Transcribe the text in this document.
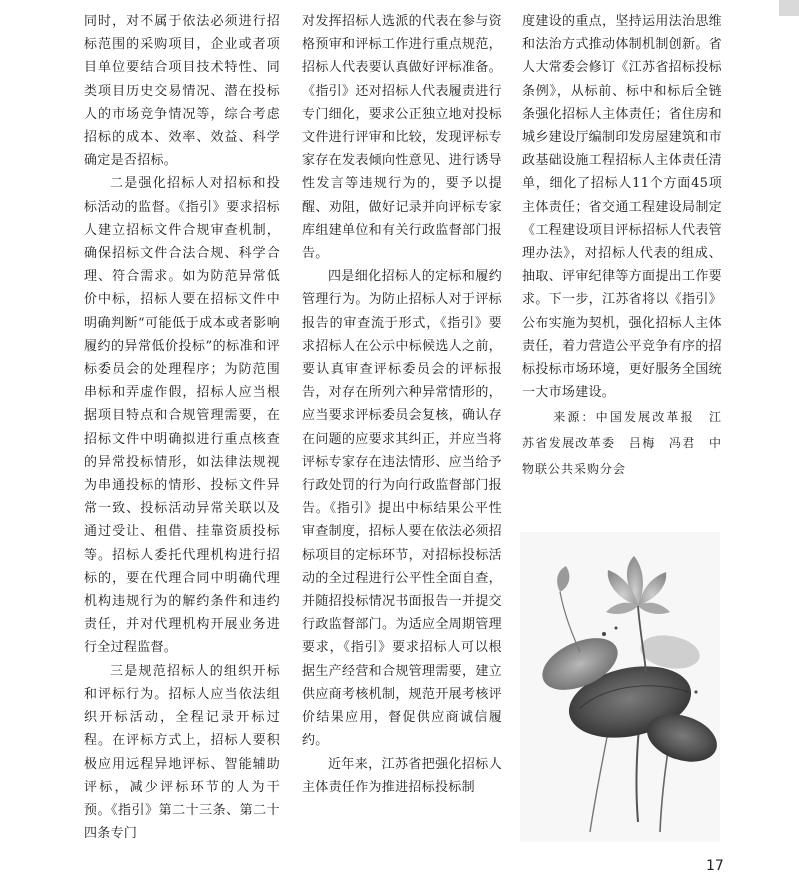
同时，对不属于依法必须进行招标范围的采购项目，企业或者项目单位要结合项目技术特性、同类项目历史交易情况、潜在投标人的市场竞争情况等，综合考虑招标的成本、效率、效益、科学确定是否招标。

二是强化招标人对招标和投标活动的监督。《指引》要求招标人建立招标文件合规审查机制，确保招标文件合法合规、科学合理、符合需求。如为防范异常低价中标，招标人要在招标文件中明确判断“可能低于成本或者影响履约的异常低价投标”的标准和评标委员会的处理程序；为防范围串标和弄虚作假，招标人应当根据项目特点和合规管理需要，在招标文件中明确拟进行重点核查的异常投标情形，如法律法规视为串通投标的情形、投标文件异常一致、投标活动异常关联以及通过受让、租借、挂靠资质投标等。招标人委托代理机构进行招标的，要在代理合同中明确代理机构违规行为的解约条件和违约责任，并对代理机构开展业务进行全过程监督。

三是规范招标人的组织开标和评标行为。招标人应当依法组织开标活动，全程记录开标过程。在评标方式上，招标人要积极应用远程异地评标、智能辅助评标，减少评标环节的人为干预。《指引》第二十三条、第二十四条专门

对发挥招标人选派的代表在参与资格预审和评标工作进行重点规范，招标人代表要认真做好评标准备。《指引》还对招标人代表履责进行专门细化，要求公正独立地对投标文件进行评审和比较，发现评标专家存在发表倾向性意见、进行诱导性发言等违规行为的，要予以提醒、劝阻，做好记录并向评标专家库组建单位和有关行政监督部门报告。

四是细化招标人的定标和履约管理行为。为防止招标人对于评标报告的审查流于形式，《指引》要求招标人在公示中标候选人之前，要认真审查评标委员会的评标报告，对存在所列六种异常情形的，应当要求评标委员会复核，确认存在问题的应要求其纠正，并应当将评标专家存在违法情形、应当给予行政处罚的行为向行政监督部门报告。《指引》提出中标结果公平性审查制度，招标人要在依法必须招标项目的定标环节，对招标投标活动的全过程进行公平性全面自查，并随招投标情况书面报告一并提交行政监督部门。为适应全周期管理要求，《指引》要求招标人可以根据生产经营和合规管理需要，建立供应商考核机制，规范开展考核评价结果应用，督促供应商诚信履约。

近年来，江苏省把强化招标人主体责任作为推进招标投标制

度建设的重点，坚持运用法治思维和法治方式推动体制机制创新。省人大常委会修订《江苏省招标投标条例》，从标前、标中和标后全链条强化招标人主体责任；省住房和城乡建设厅编制印发房屋建筑和市政基础设施工程招标人主体责任清单，细化了招标人11个方面45项主体责任；省交通工程建设局制定《工程建设项目评标招标人代表管理办法》，对招标人代表的组成、抽取、评审纪律等方面提出工作要求。下一步，江苏省将以《指引》公布实施为契机，强化招标人主体责任，着力营造公平竞争有序的招标投标市场环境，更好服务全国统一大市场建设。

来源：中国发展改革报　江苏省发展改革委　吕梅　冯君　中物联公共采购分会

17
